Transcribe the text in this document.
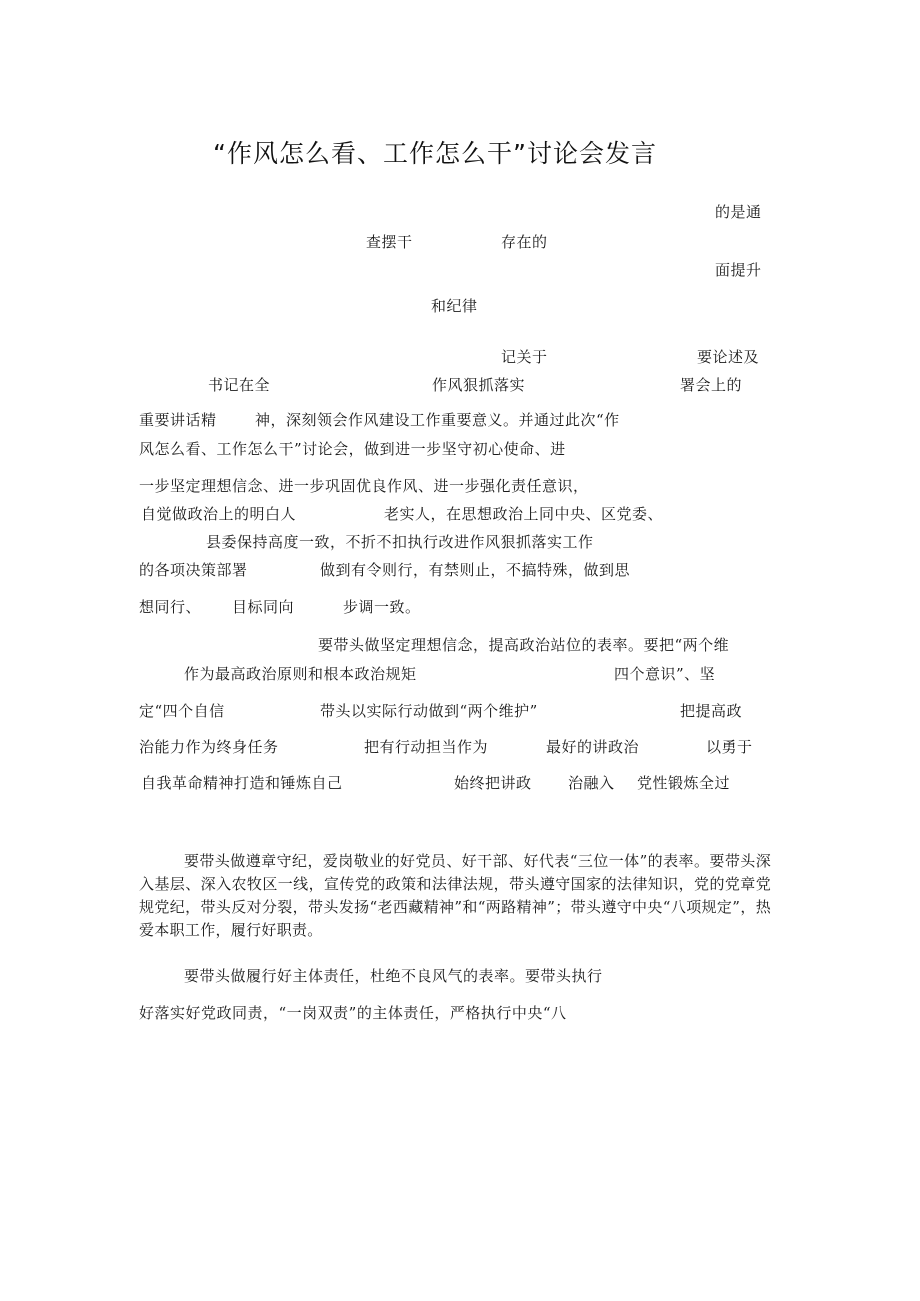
“作风怎么看、工作怎么干”讨论会发言
的是通
查摆干	存在的
面提升
和纪律
记关于	要论述及
书记在全	作风狠抓落实	署会上的
重要讲话精	神，深刻领会作风建设工作重要意义。并通过此次“作
风怎么看、工作怎么干”讨论会，做到进一步坚守初心使命、进
一步坚定理想信念、进一步巩固优良作风、进一步强化责任意识，
自觉做政治上的明白人	老实人，在思想政治上同中央、区党委、
县委保持高度一致，不折不扣执行改进作风狠抓落实工作
的各项决策部署	做到有令则行，有禁则止，不搞特殊，做到思
想同行、 目标同向	步调一致。
要带头做坚定理想信念，提高政治站位的表率。要把“两个维
作为最高政治原则和根本政治规矩	四个意识”、坚
定“四个自信	带头以实际行动做到“两个维护”	把提高政
治能力作为终身任务	把有行动担当作为	最好的讲政治	以勇于
自我革命精神打造和锤炼自己	始终把讲政 治融入 党性锻炼全过
要带头做遵章守纪，爱岗敬业的好党员、好干部、好代表“三位一体”的表率。要带头深入基层、深入农牧区一线，宣传党的政策和法律法规，带头遵守国家的法律知识，党的党章党规党纪，带头反对分裂，带头发扬“老西藏精神”和“两路精神”；带头遵守中央“八项规定”，热爱本职工作，履行好职责。
要带头做履行好主体责任，杜绝不良风气的表率。要带头执行
好落实好党政同责，“一岗双责”的主体责任，严格执行中央“八
